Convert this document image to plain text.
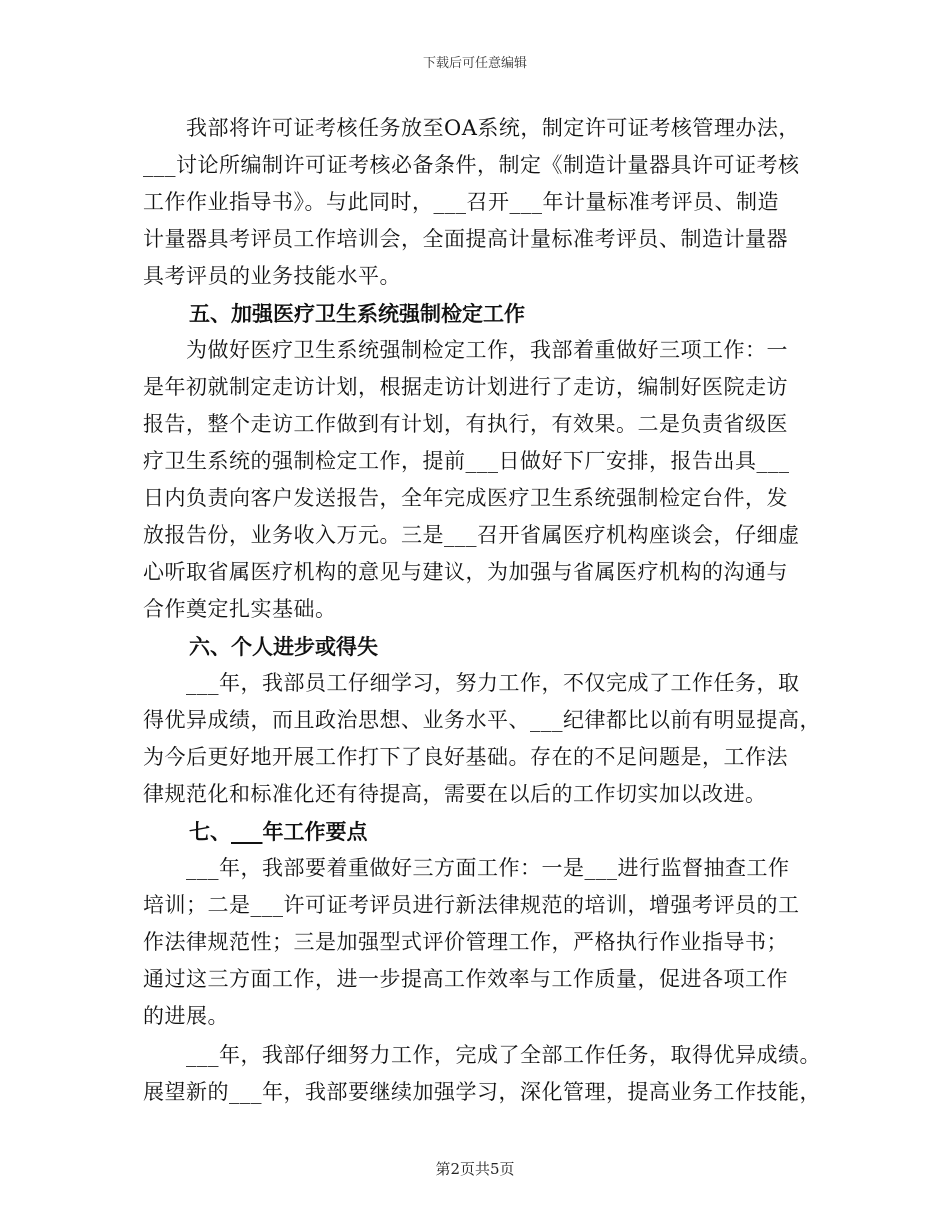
下载后可任意编辑

　　我部将许可证考核任务放至OA系统，制定许可证考核管理办法，

___讨论所编制许可证考核必备条件，制定《制造计量器具许可证考核

工作作业指导书》。与此同时，___召开___年计量标准考评员、制造

计量器具考评员工作培训会，全面提高计量标准考评员、制造计量器

具考评员的业务技能水平。

五、加强医疗卫生系统强制检定工作

　　为做好医疗卫生系统强制检定工作，我部着重做好三项工作：一

是年初就制定走访计划，根据走访计划进行了走访，编制好医院走访

报告，整个走访工作做到有计划，有执行，有效果。二是负责省级医

疗卫生系统的强制检定工作，提前___日做好下厂安排，报告出具___

日内负责向客户发送报告，全年完成医疗卫生系统强制检定台件，发

放报告份，业务收入万元。三是___召开省属医疗机构座谈会，仔细虚

心听取省属医疗机构的意见与建议，为加强与省属医疗机构的沟通与

合作奠定扎实基础。

六、个人进步或得失

　　___年，我部员工仔细学习，努力工作，不仅完成了工作任务，取

得优异成绩，而且政治思想、业务水平、___纪律都比以前有明显提高，

为今后更好地开展工作打下了良好基础。存在的不足问题是，工作法

律规范化和标准化还有待提高，需要在以后的工作切实加以改进。

七、___年工作要点

　　___年，我部要着重做好三方面工作：一是___进行监督抽查工作

培训；二是___许可证考评员进行新法律规范的培训，增强考评员的工

作法律规范性；三是加强型式评价管理工作，严格执行作业指导书；

通过这三方面工作，进一步提高工作效率与工作质量，促进各项工作

的进展。

　　___年，我部仔细努力工作，完成了全部工作任务，取得优异成绩。

展望新的___年，我部要继续加强学习，深化管理，提高业务工作技能，

第2页共5页
